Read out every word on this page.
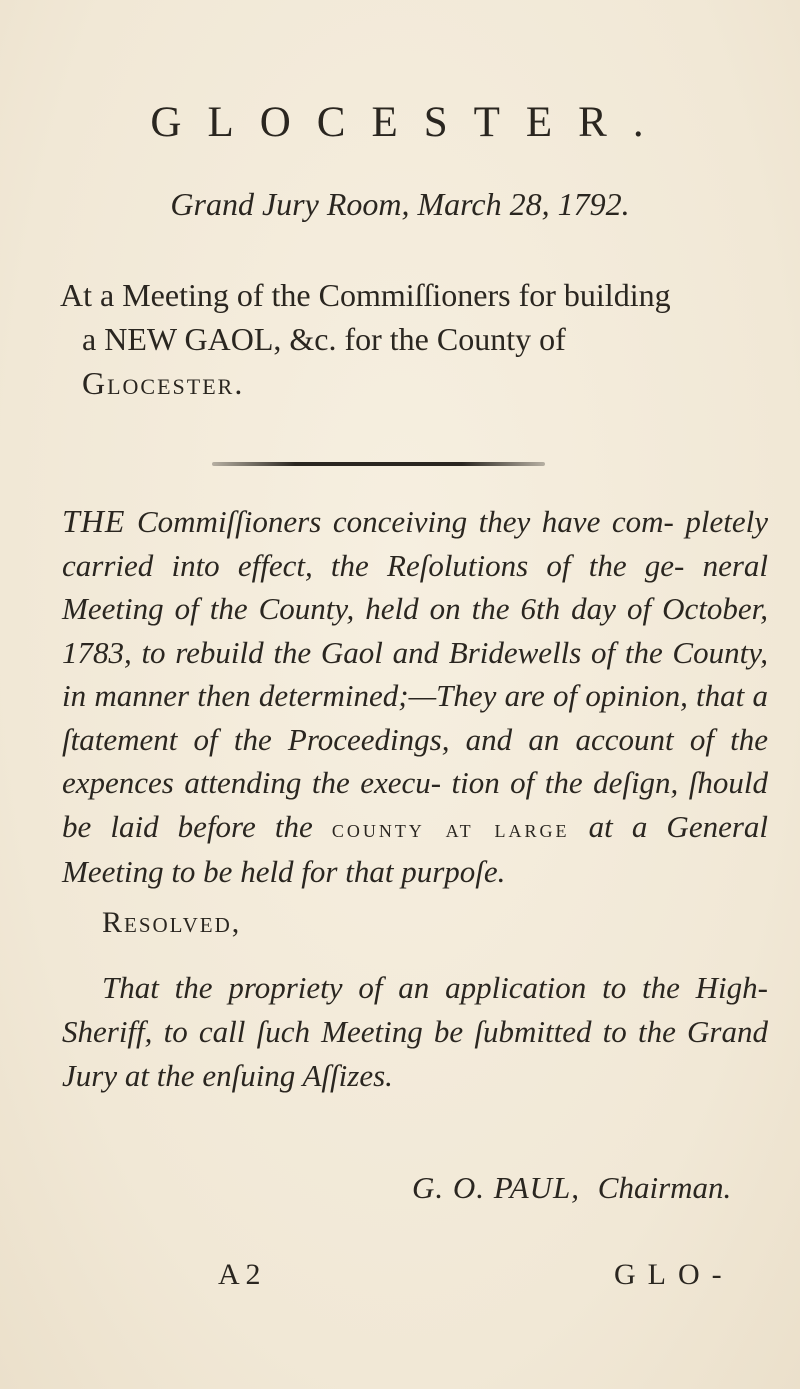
GLOCESTER.
Grand Jury Room, March 28, 1792.
At a Meeting of the Commiſſioners for building
a NEW GAOL, &c. for the County of
Glocester.
THE Commiſſioners conceiving they have com- pletely carried into effect, the Reſolutions of the ge- neral Meeting of the County, held on the 6th day of October, 1783, to rebuild the Gaol and Bridewells of the County, in manner then determined;—They are of opinion, that a ſtatement of the Proceedings, and an account of the expences attending the execu- tion of the deſign, ſhould be laid before the county at large at a General Meeting to be held for that purpoſe.
Resolved,
That the propriety of an application to the High-Sheriff, to call ſuch Meeting be ſubmitted to the Grand Jury at the enſuing Aſſizes.
G. O. PAUL, Chairman.
A 2	GLO-
